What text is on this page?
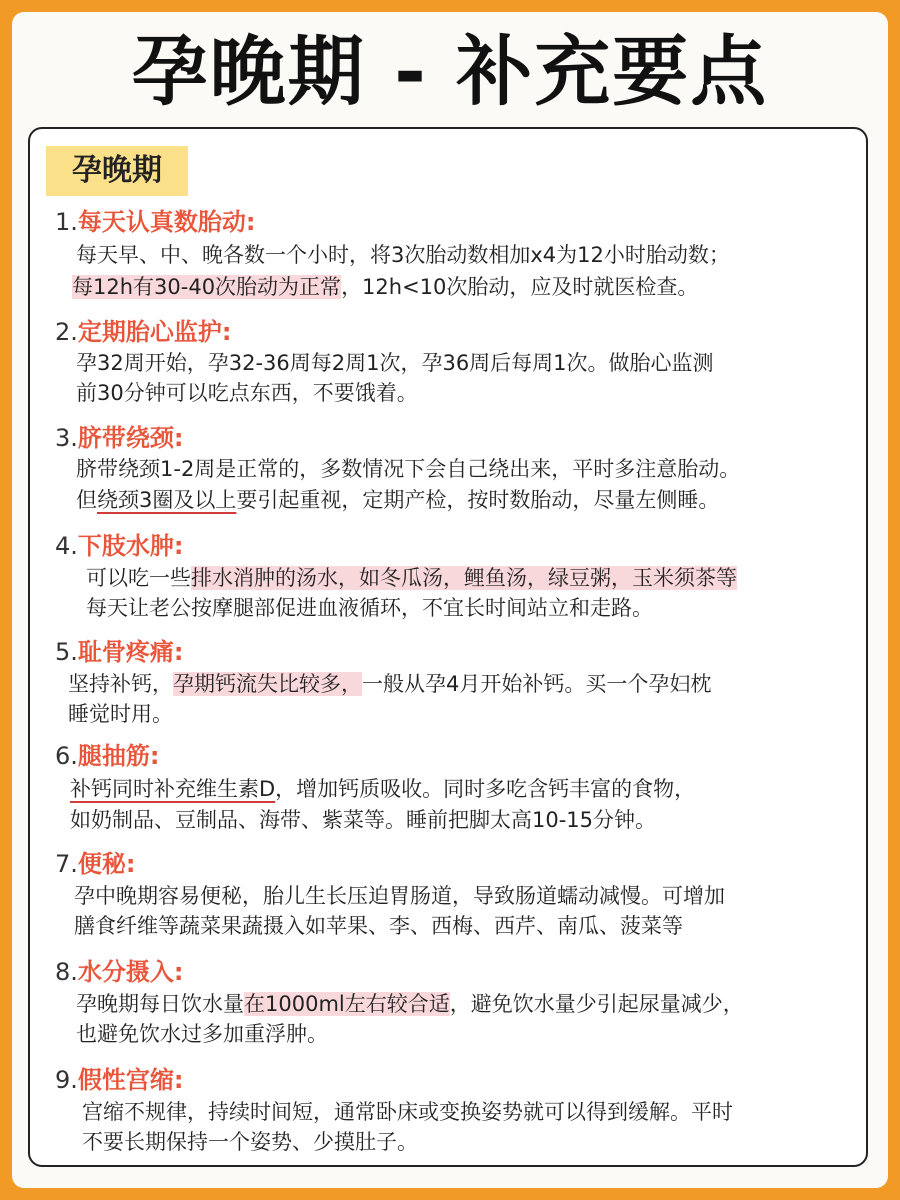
孕晚期 - 补充要点
孕晚期
1.每天认真数胎动:
每天早、中、晚各数一个小时，将3次胎动数相加x4为12小时胎动数；
每12h有30-40次胎动为正常，12h<10次胎动，应及时就医检查。
2.定期胎心监护:
孕32周开始，孕32-36周每2周1次，孕36周后每周1次。做胎心监测
前30分钟可以吃点东西，不要饿着。
3.脐带绕颈:
脐带绕颈1-2周是正常的，多数情况下会自己绕出来，平时多注意胎动。
但绕颈3圈及以上要引起重视，定期产检，按时数胎动，尽量左侧睡。
4.下肢水肿:
可以吃一些排水消肿的汤水，如冬瓜汤，鲤鱼汤，绿豆粥，玉米须茶等
每天让老公按摩腿部促进血液循环，不宜长时间站立和走路。
5.耻骨疼痛:
坚持补钙，孕期钙流失比较多，一般从孕4月开始补钙。买一个孕妇枕
睡觉时用。
6.腿抽筋:
补钙同时补充维生素D，增加钙质吸收。同时多吃含钙丰富的食物，
如奶制品、豆制品、海带、紫菜等。睡前把脚太高10-15分钟。
7.便秘:
孕中晚期容易便秘，胎儿生长压迫胃肠道，导致肠道蠕动减慢。可增加
膳食纤维等蔬菜果蔬摄入如苹果、李、西梅、西芹、南瓜、菠菜等
8.水分摄入:
孕晚期每日饮水量在1000ml左右较合适，避免饮水量少引起尿量减少，
也避免饮水过多加重浮肿。
9.假性宫缩:
宫缩不规律，持续时间短，通常卧床或变换姿势就可以得到缓解。平时
不要长期保持一个姿势、少摸肚子。
